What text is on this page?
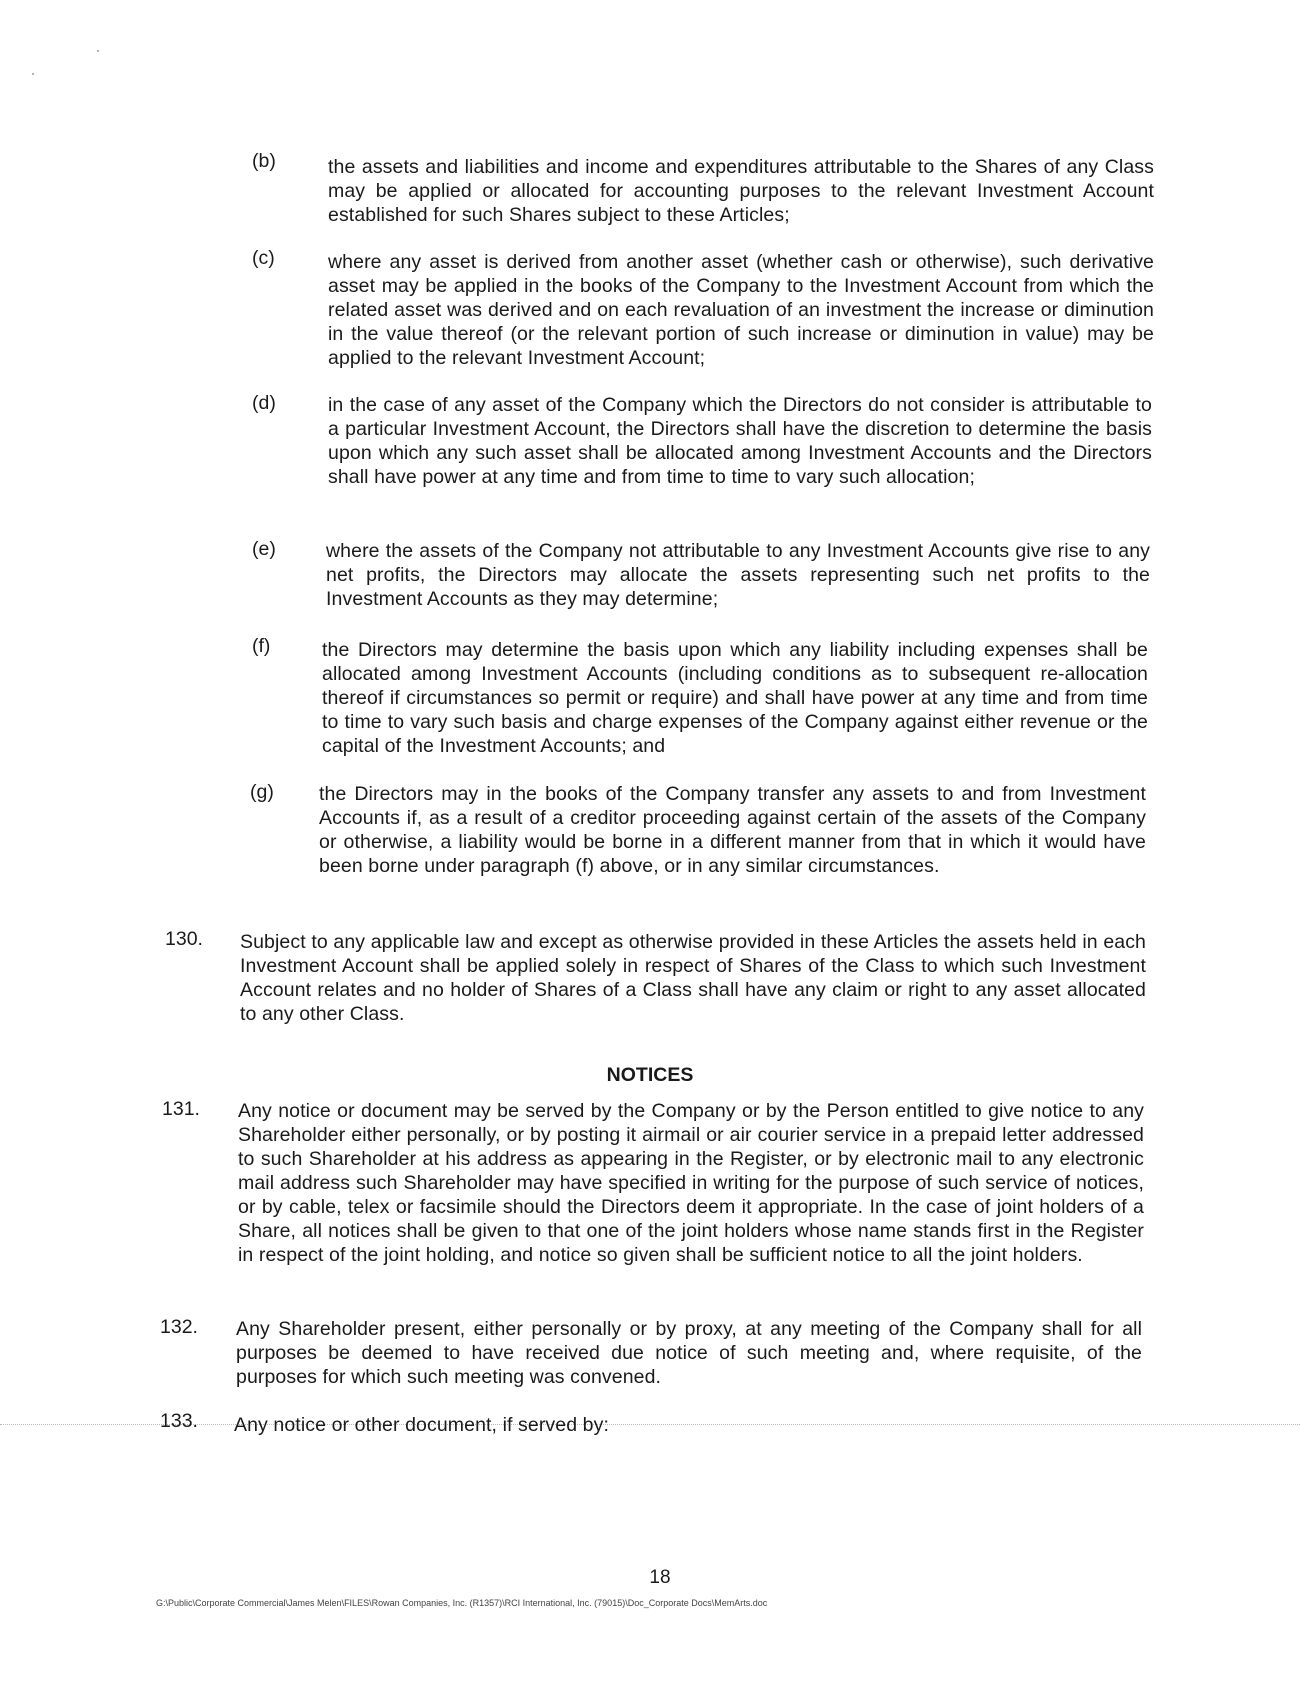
(b)	the assets and liabilities and income and expenditures attributable to the Shares of any Class may be applied or allocated for accounting purposes to the relevant Investment Account established for such Shares subject to these Articles;
(c)	where any asset is derived from another asset (whether cash or otherwise), such derivative asset may be applied in the books of the Company to the Investment Account from which the related asset was derived and on each revaluation of an investment the increase or diminution in the value thereof (or the relevant portion of such increase or diminution in value) may be applied to the relevant Investment Account;
(d)	in the case of any asset of the Company which the Directors do not consider is attributable to a particular Investment Account, the Directors shall have the discretion to determine the basis upon which any such asset shall be allocated among Investment Accounts and the Directors shall have power at any time and from time to time to vary such allocation;
(e)	where the assets of the Company not attributable to any Investment Accounts give rise to any net profits, the Directors may allocate the assets representing such net profits to the Investment Accounts as they may determine;
(f)	the Directors may determine the basis upon which any liability including expenses shall be allocated among Investment Accounts (including conditions as to subsequent re-allocation thereof if circumstances so permit or require) and shall have power at any time and from time to time to vary such basis and charge expenses of the Company against either revenue or the capital of the Investment Accounts; and
(g) the Directors may in the books of the Company transfer any assets to and from Investment Accounts if, as a result of a creditor proceeding against certain of the assets of the Company or otherwise, a liability would be borne in a different manner from that in which it would have been borne under paragraph (f) above, or in any similar circumstances.
130. Subject to any applicable law and except as otherwise provided in these Articles the assets held in each Investment Account shall be applied solely in respect of Shares of the Class to which such Investment Account relates and no holder of Shares of a Class shall have any claim or right to any asset allocated to any other Class.
NOTICES
131. Any notice or document may be served by the Company or by the Person entitled to give notice to any Shareholder either personally, or by posting it airmail or air courier service in a prepaid letter addressed to such Shareholder at his address as appearing in the Register, or by electronic mail to any electronic mail address such Shareholder may have specified in writing for the purpose of such service of notices, or by cable, telex or facsimile should the Directors deem it appropriate. In the case of joint holders of a Share, all notices shall be given to that one of the joint holders whose name stands first in the Register in respect of the joint holding, and notice so given shall be sufficient notice to all the joint holders.
132. Any Shareholder present, either personally or by proxy, at any meeting of the Company shall for all purposes be deemed to have received due notice of such meeting and, where requisite, of the purposes for which such meeting was convened.
133. Any notice or other document, if served by:
18
G:\Public\Corporate Commercial\James Melen\FILES\Rowan Companies, Inc. (R1357)\RCI International, Inc. (79015)\Doc_Corporate Docs\MemArts.doc
